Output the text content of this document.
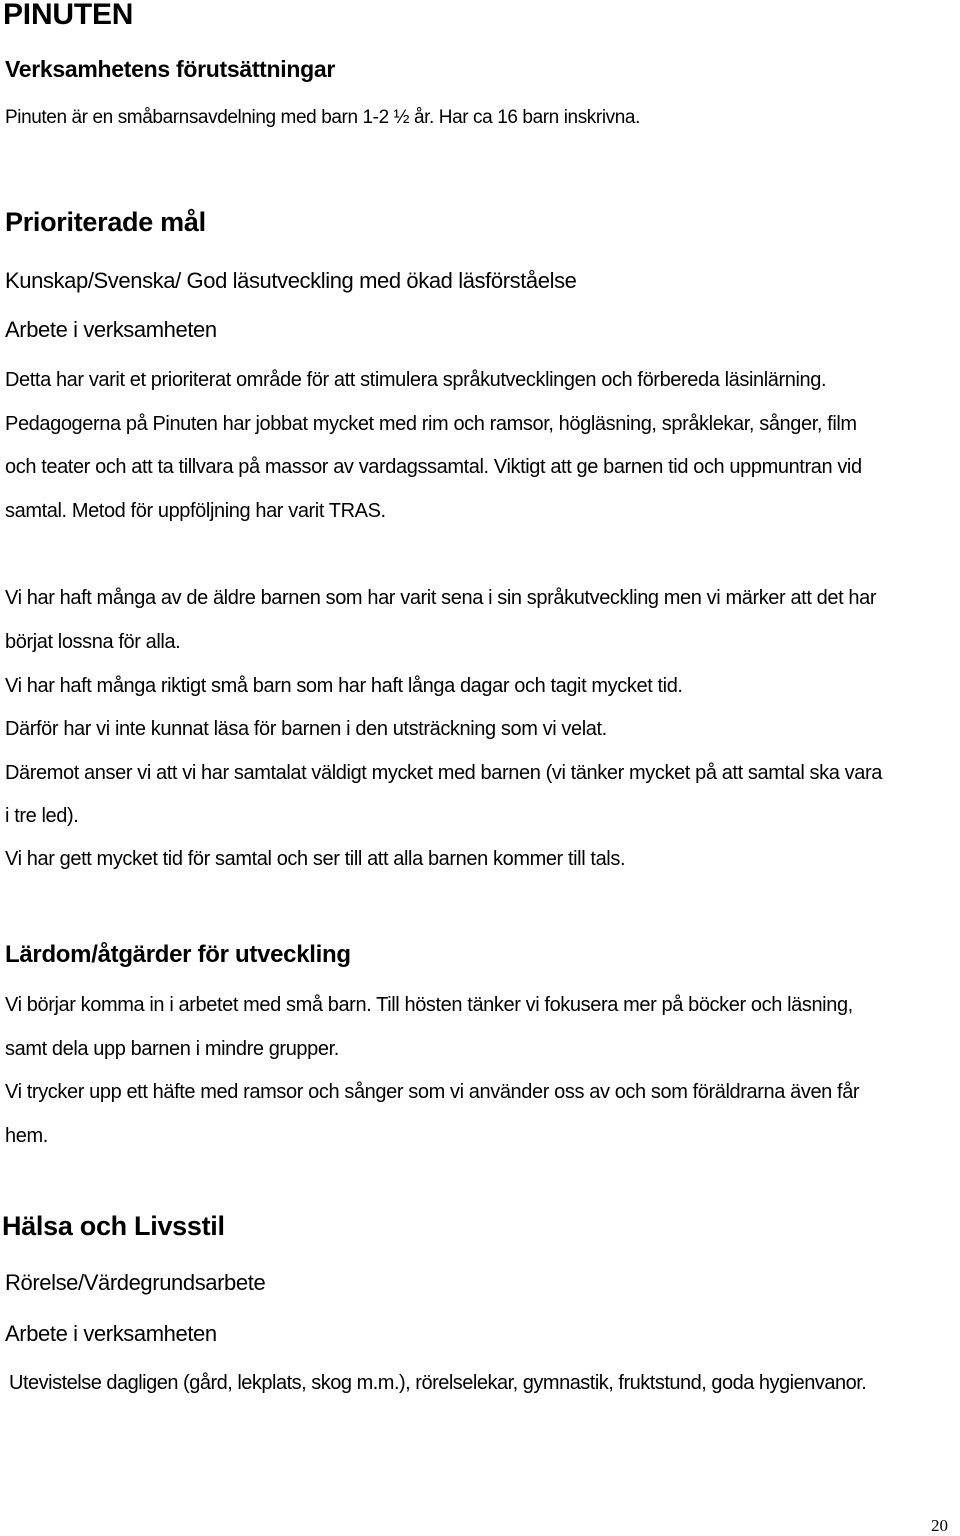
PINUTEN
Verksamhetens förutsättningar
Pinuten är en småbarnsavdelning med barn 1-2 ½ år. Har ca 16 barn inskrivna.
Prioriterade mål
Kunskap/Svenska/ God läsutveckling med ökad läsförståelse
Arbete i verksamheten
Detta har varit et prioriterat område för att stimulera språkutvecklingen och förbereda läsinlärning.
Pedagogerna på Pinuten har jobbat mycket med rim och ramsor, högläsning, språklekar, sånger, film
och teater och att ta tillvara på massor av vardagssamtal. Viktigt att ge barnen tid och uppmuntran vid
samtal. Metod för uppföljning har varit TRAS.
Vi har haft många av de äldre barnen som har varit sena i sin språkutveckling men vi märker att det har
börjat lossna för alla.
Vi har haft många riktigt små barn som har haft långa dagar och tagit mycket tid.
Därför har vi inte kunnat läsa för barnen i den utsträckning som vi velat.
Däremot anser vi att vi har samtalat väldigt mycket med barnen (vi tänker mycket på att samtal ska vara
i tre led).
Vi har gett mycket tid för samtal och ser till att alla barnen kommer till tals.
Lärdom/åtgärder för utveckling
Vi börjar komma in i arbetet med små barn. Till hösten tänker vi fokusera mer på böcker och läsning,
samt dela upp barnen i mindre grupper.
Vi trycker upp ett häfte med ramsor och sånger som vi använder oss av och som föräldrarna även får
hem.
Hälsa och Livsstil
Rörelse/Värdegrundsarbete
Arbete i verksamheten
Utevistelse dagligen (gård, lekplats, skog m.m.), rörelselekar, gymnastik, fruktstund, goda hygienvanor.
20
